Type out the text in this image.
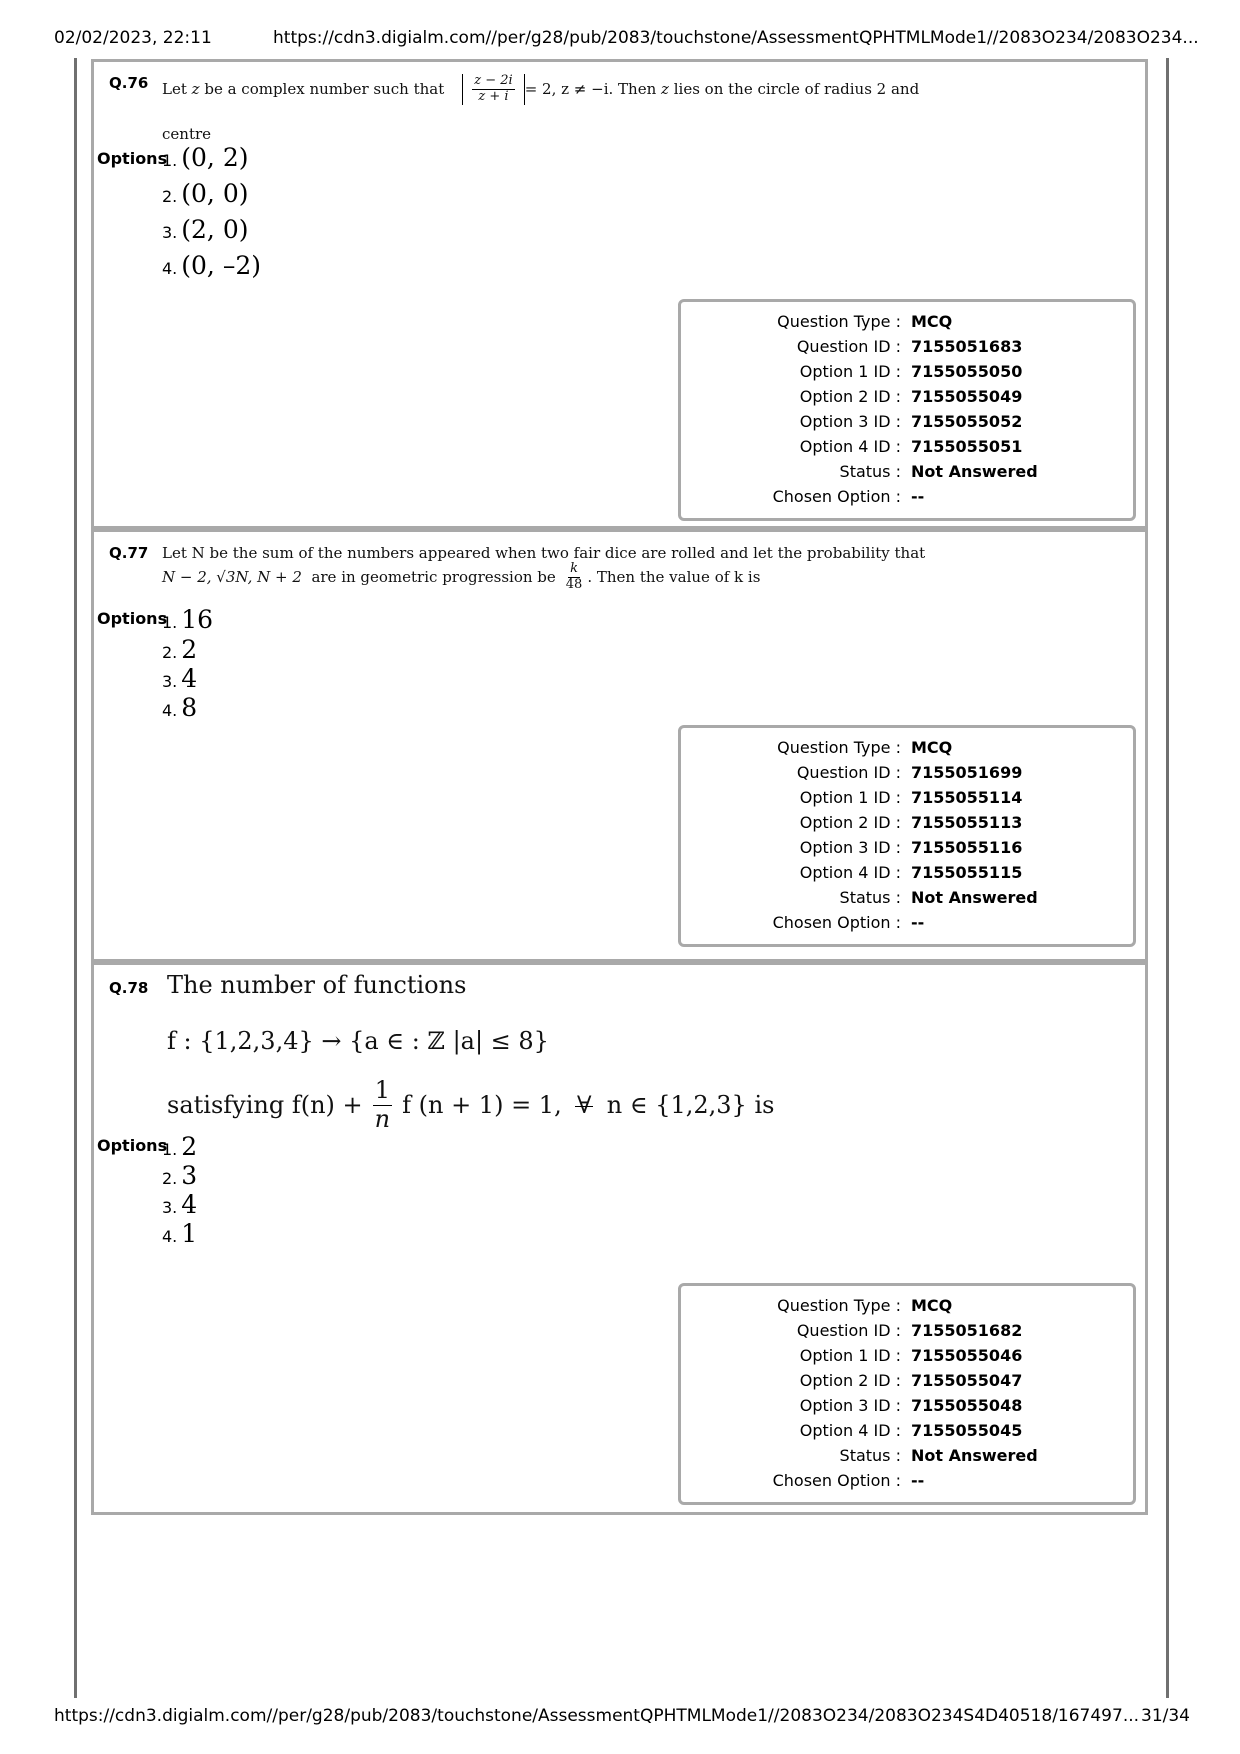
02/02/2023, 22:11	https://cdn3.digialm.com//per/g28/pub/2083/touchstone/AssessmentQPHTMLMode1//2083O234/2083O234...
Q.76 Let
z
be a complex number such that $\frac{z - 2i}{z + i} = 2$, z ≠ −i . Then
z
lies on the circle of radius 2 and
centre
Options
1. (0, 2)
2. (0, 0)
3. (2, 0)
4. (0, –2)
Question Type : MCQ
Question ID : 7155051683
Option 1 ID : 7155055050
Option 2 ID : 7155055049
Option 3 ID : 7155055052
Option 4 ID : 7155055051
Status : Not Answered
Chosen Option : --
Q.77 Let N be the sum of the numbers appeared when two fair dice are rolled and let the probability that
N − 2, √3N, N + 2
are in geometric progression be $\frac{k}{48}$ . Then the value of k is
Options
1. 16
2. 2
3. 4
4. 8
Question Type : MCQ
Question ID : 7155051699
Option 1 ID : 7155055114
Option 2 ID : 7155055113
Option 3 ID : 7155055116
Option 4 ID : 7155055115
Status : Not Answered
Chosen Option : --
Q.78 The number of functions
f : {1,2,3,4} → {a ∈ : ℤ |a| ≤ 8}
satisfying $f(n) + \frac{1}{n}$ f (n + 1) = 1,
∀
n ∈ {1,2,3} is
Options
1. 2
2. 3
3. 4
4. 1
Question Type : MCQ
Question ID : 7155051682
Option 1 ID : 7155055046
Option 2 ID : 7155055047
Option 3 ID : 7155055048
Option 4 ID : 7155055045
Status : Not Answered
Chosen Option : --
https://cdn3.digialm.com//per/g28/pub/2083/touchstone/AssessmentQPHTMLMode1//2083O234/2083O234S4D40518/167497... 31/34
